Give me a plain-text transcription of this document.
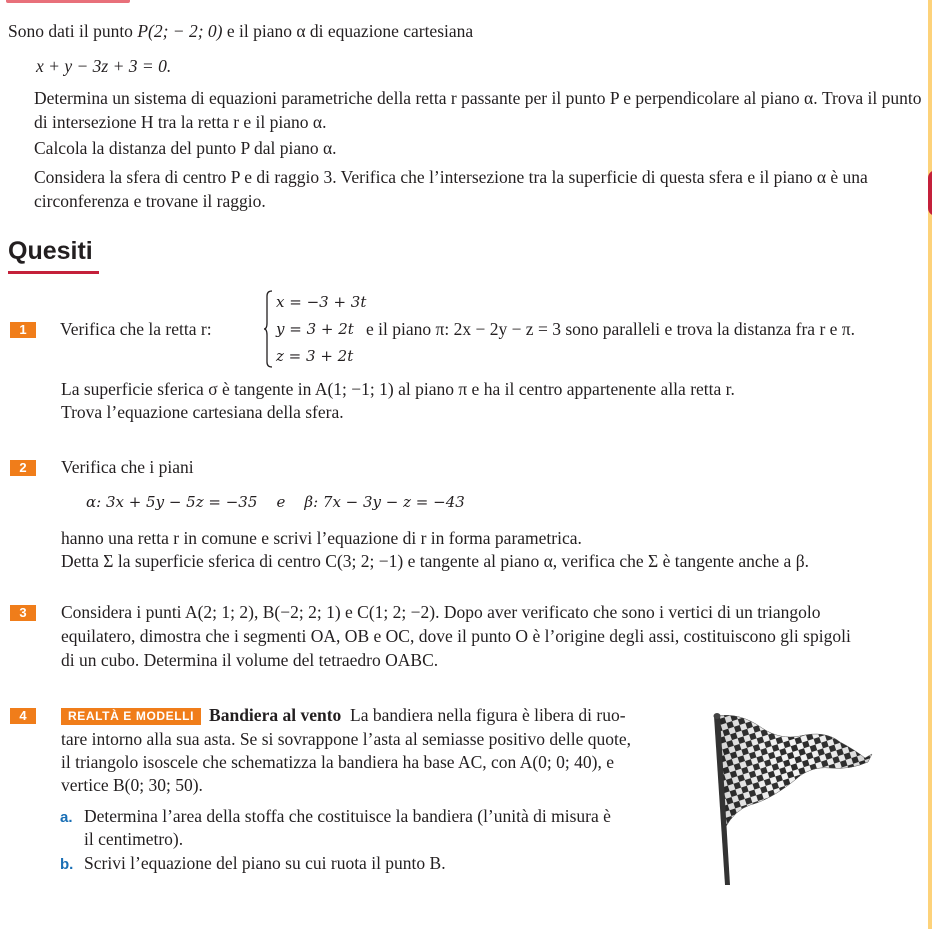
Sono dati il punto P(2; − 2; 0) e il piano α di equazione cartesiana
x + y − 3z + 3 = 0.
Determina un sistema di equazioni parametriche della retta r passante per il punto P e perpendicolare al piano α. Trova il punto di intersezione H tra la retta r e il piano α.
Calcola la distanza del punto P dal piano α.
Considera la sfera di centro P e di raggio 3. Verifica che l’intersezione tra la superficie di questa sfera e il piano α è una circonferenza e trovane il raggio.
Quesiti
1	Verifica che la retta r:
x = −3 + 3t
y = 3 + 2t
z = 3 + 2t
e il piano π: 2x − 2y − z = 3 sono paralleli e trova la distanza fra r e π.
La superficie sferica σ è tangente in A(1; −1; 1) al piano π e ha il centro appartenente alla retta r.
Trova l’equazione cartesiana della sfera.
2	Verifica che i piani
α: 3x + 5y − 5z = −35    e    β: 7x − 3y − z = −43
hanno una retta r in comune e scrivi l’equazione di r in forma parametrica.
Detta Σ la superficie sferica di centro C(3; 2; −1) e tangente al piano α, verifica che Σ è tangente anche a β.
3	Considera i punti A(2; 1; 2), B(−2; 2; 1) e C(1; 2; −2). Dopo aver verificato che sono i vertici di un triangolo
equilatero, dimostra che i segmenti OA, OB e OC, dove il punto O è l’origine degli assi, costituiscono gli spigoli
di un cubo. Determina il volume del tetraedro OABC.
4	REALTÀ E MODELLI Bandiera al vento La bandiera nella figura è libera di ruo-
tare intorno alla sua asta. Se si sovrappone l’asta al semiasse positivo delle quote,
il triangolo isoscele che schematizza la bandiera ha base AC, con A(0; 0; 40), e
vertice B(0; 30; 50).
a. Determina l’area della stoffa che costituisce la bandiera (l’unità di misura è
il centimetro).
b. Scrivi l’equazione del piano su cui ruota il punto B.
